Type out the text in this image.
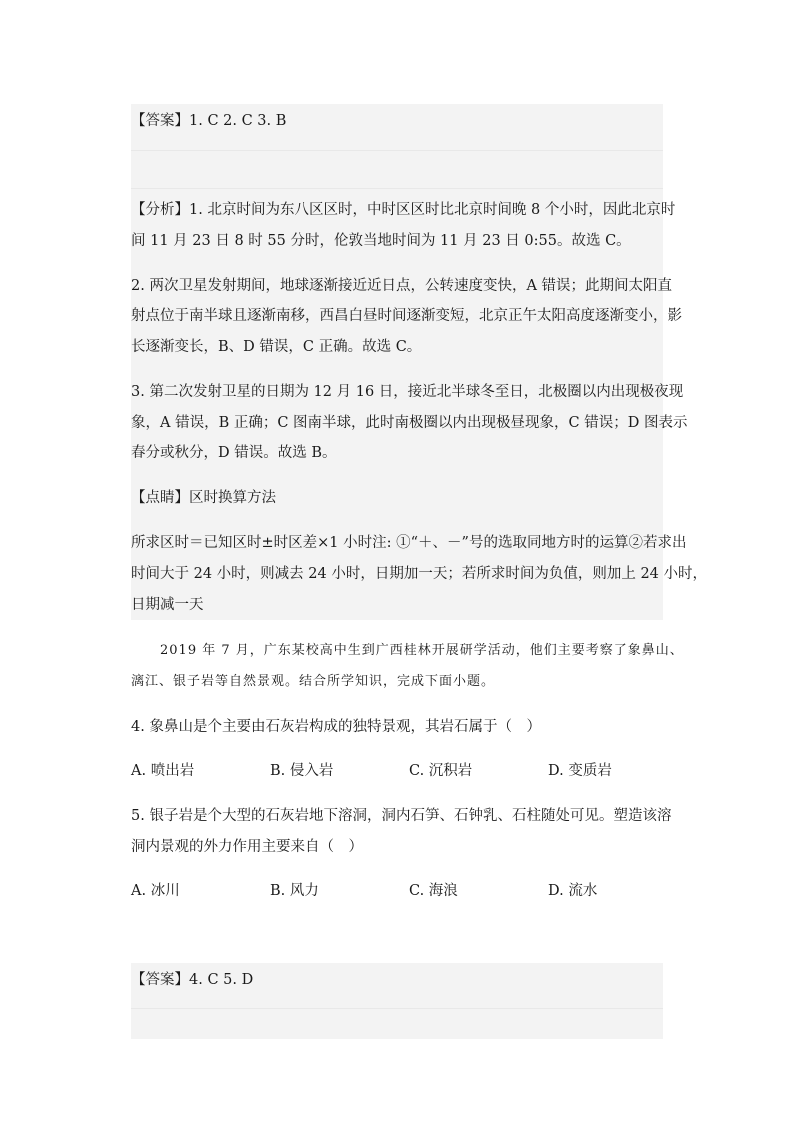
【答案】1. C 2. C 3. B
【分析】1. 北京时间为东八区区时，中时区区时比北京时间晚 8 个小时，因此北京时
间 11 月 23 日 8 时 55 分时，伦敦当地时间为 11 月 23 日 0:55。故选 C。
2. 两次卫星发射期间，地球逐渐接近近日点，公转速度变快，A 错误；此期间太阳直
射点位于南半球且逐渐南移，西昌白昼时间逐渐变短，北京正午太阳高度逐渐变小，影
长逐渐变长，B、D 错误，C 正确。故选 C。
3. 第二次发射卫星的日期为 12 月 16 日，接近北半球冬至日，北极圈以内出现极夜现
象，A 错误，B 正确；C 图南半球，此时南极圈以内出现极昼现象，C 错误；D 图表示
春分或秋分，D 错误。故选 B。
【点睛】区时换算方法
所求区时＝已知区时±时区差×1 小时注: ①“＋、－”号的选取同地方时的运算②若求出
时间大于 24 小时，则减去 24 小时，日期加一天；若所求时间为负值，则加上 24 小时，
日期减一天
2019 年 7 月，广东某校高中生到广西桂林开展研学活动，他们主要考察了象鼻山、
漓江、银子岩等自然景观。结合所学知识，完成下面小题。
4. 象鼻山是个主要由石灰岩构成的独特景观，其岩石属于（　）
A. 喷出岩	B. 侵入岩	C. 沉积岩	D. 变质岩
5. 银子岩是个大型的石灰岩地下溶洞，洞内石笋、石钟乳、石柱随处可见。塑造该溶
洞内景观的外力作用主要来自（　）
A. 冰川	B. 风力	C. 海浪	D. 流水
【答案】4. C 5. D
